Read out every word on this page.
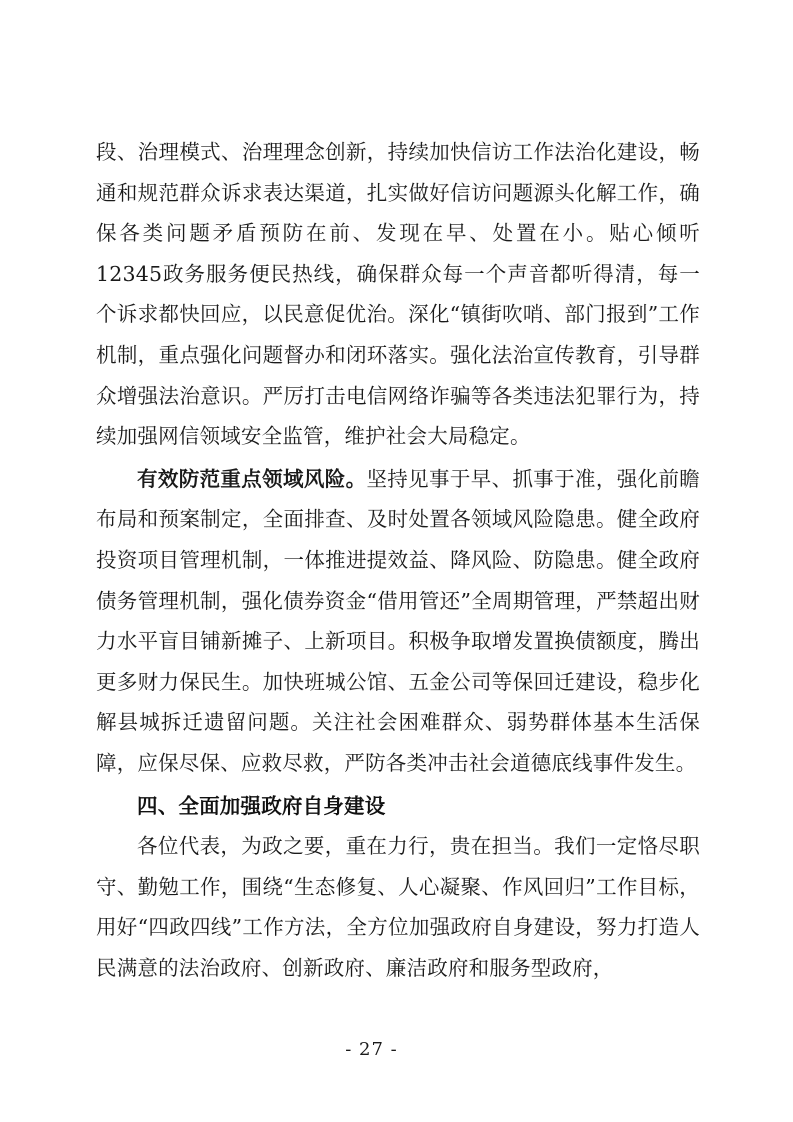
段、治理模式、治理理念创新，持续加快信访工作法治化建设，畅通和规范群众诉求表达渠道，扎实做好信访问题源头化解工作，确保各类问题矛盾预防在前、发现在早、处置在小。贴心倾听12345政务服务便民热线，确保群众每一个声音都听得清，每一个诉求都快回应，以民意促优治。深化“镇街吹哨、部门报到”工作机制，重点强化问题督办和闭环落实。强化法治宣传教育，引导群众增强法治意识。严厉打击电信网络诈骗等各类违法犯罪行为，持续加强网信领域安全监管，维护社会大局稳定。

有效防范重点领域风险。坚持见事于早、抓事于准，强化前瞻布局和预案制定，全面排查、及时处置各领域风险隐患。健全政府投资项目管理机制，一体推进提效益、降风险、防隐患。健全政府债务管理机制，强化债券资金“借用管还”全周期管理，严禁超出财力水平盲目铺新摊子、上新项目。积极争取增发置换债额度，腾出更多财力保民生。加快班城公馆、五金公司等保回迁建设，稳步化解县城拆迁遗留问题。关注社会困难群众、弱势群体基本生活保障，应保尽保、应救尽救，严防各类冲击社会道德底线事件发生。

四、全面加强政府自身建设

各位代表，为政之要，重在力行，贵在担当。我们一定恪尽职守、勤勉工作，围绕“生态修复、人心凝聚、作风回归”工作目标，用好“四政四线”工作方法，全方位加强政府自身建设，努力打造人民满意的法治政府、创新政府、廉洁政府和服务型政府，

- 27 -
